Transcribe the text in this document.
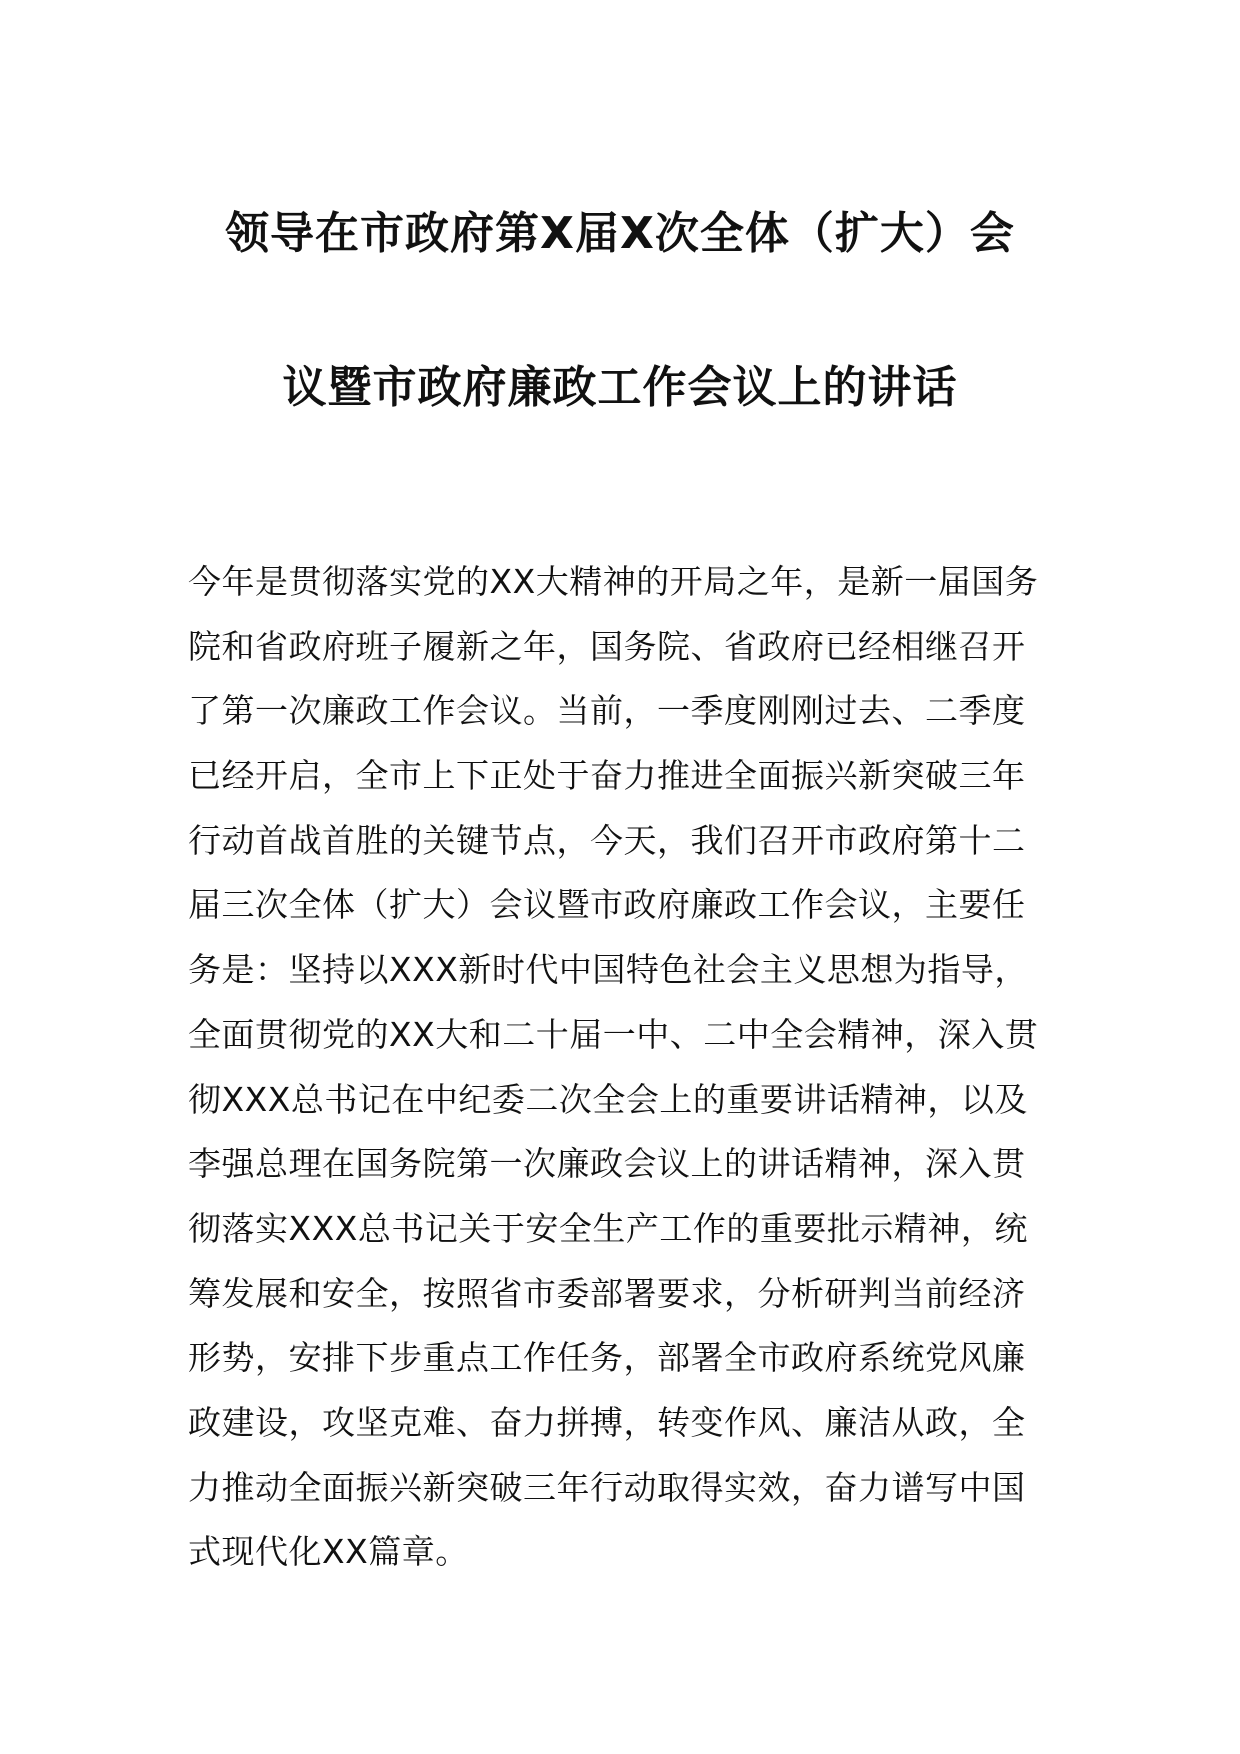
领导在市政府第X届X次全体（扩大）会
议暨市政府廉政工作会议上的讲话
今年是贯彻落实党的XX大精神的开局之年，是新一届国务
院和省政府班子履新之年，国务院、省政府已经相继召开
了第一次廉政工作会议。当前，一季度刚刚过去、二季度
已经开启，全市上下正处于奋力推进全面振兴新突破三年
行动首战首胜的关键节点，今天，我们召开市政府第十二
届三次全体（扩大）会议暨市政府廉政工作会议，主要任
务是：坚持以XXX新时代中国特色社会主义思想为指导，
全面贯彻党的XX大和二十届一中、二中全会精神，深入贯
彻XXX总书记在中纪委二次全会上的重要讲话精神，以及
李强总理在国务院第一次廉政会议上的讲话精神，深入贯
彻落实XXX总书记关于安全生产工作的重要批示精神，统
筹发展和安全，按照省市委部署要求，分析研判当前经济
形势，安排下步重点工作任务，部署全市政府系统党风廉
政建设，攻坚克难、奋力拼搏，转变作风、廉洁从政，全
力推动全面振兴新突破三年行动取得实效，奋力谱写中国
式现代化XX篇章。
